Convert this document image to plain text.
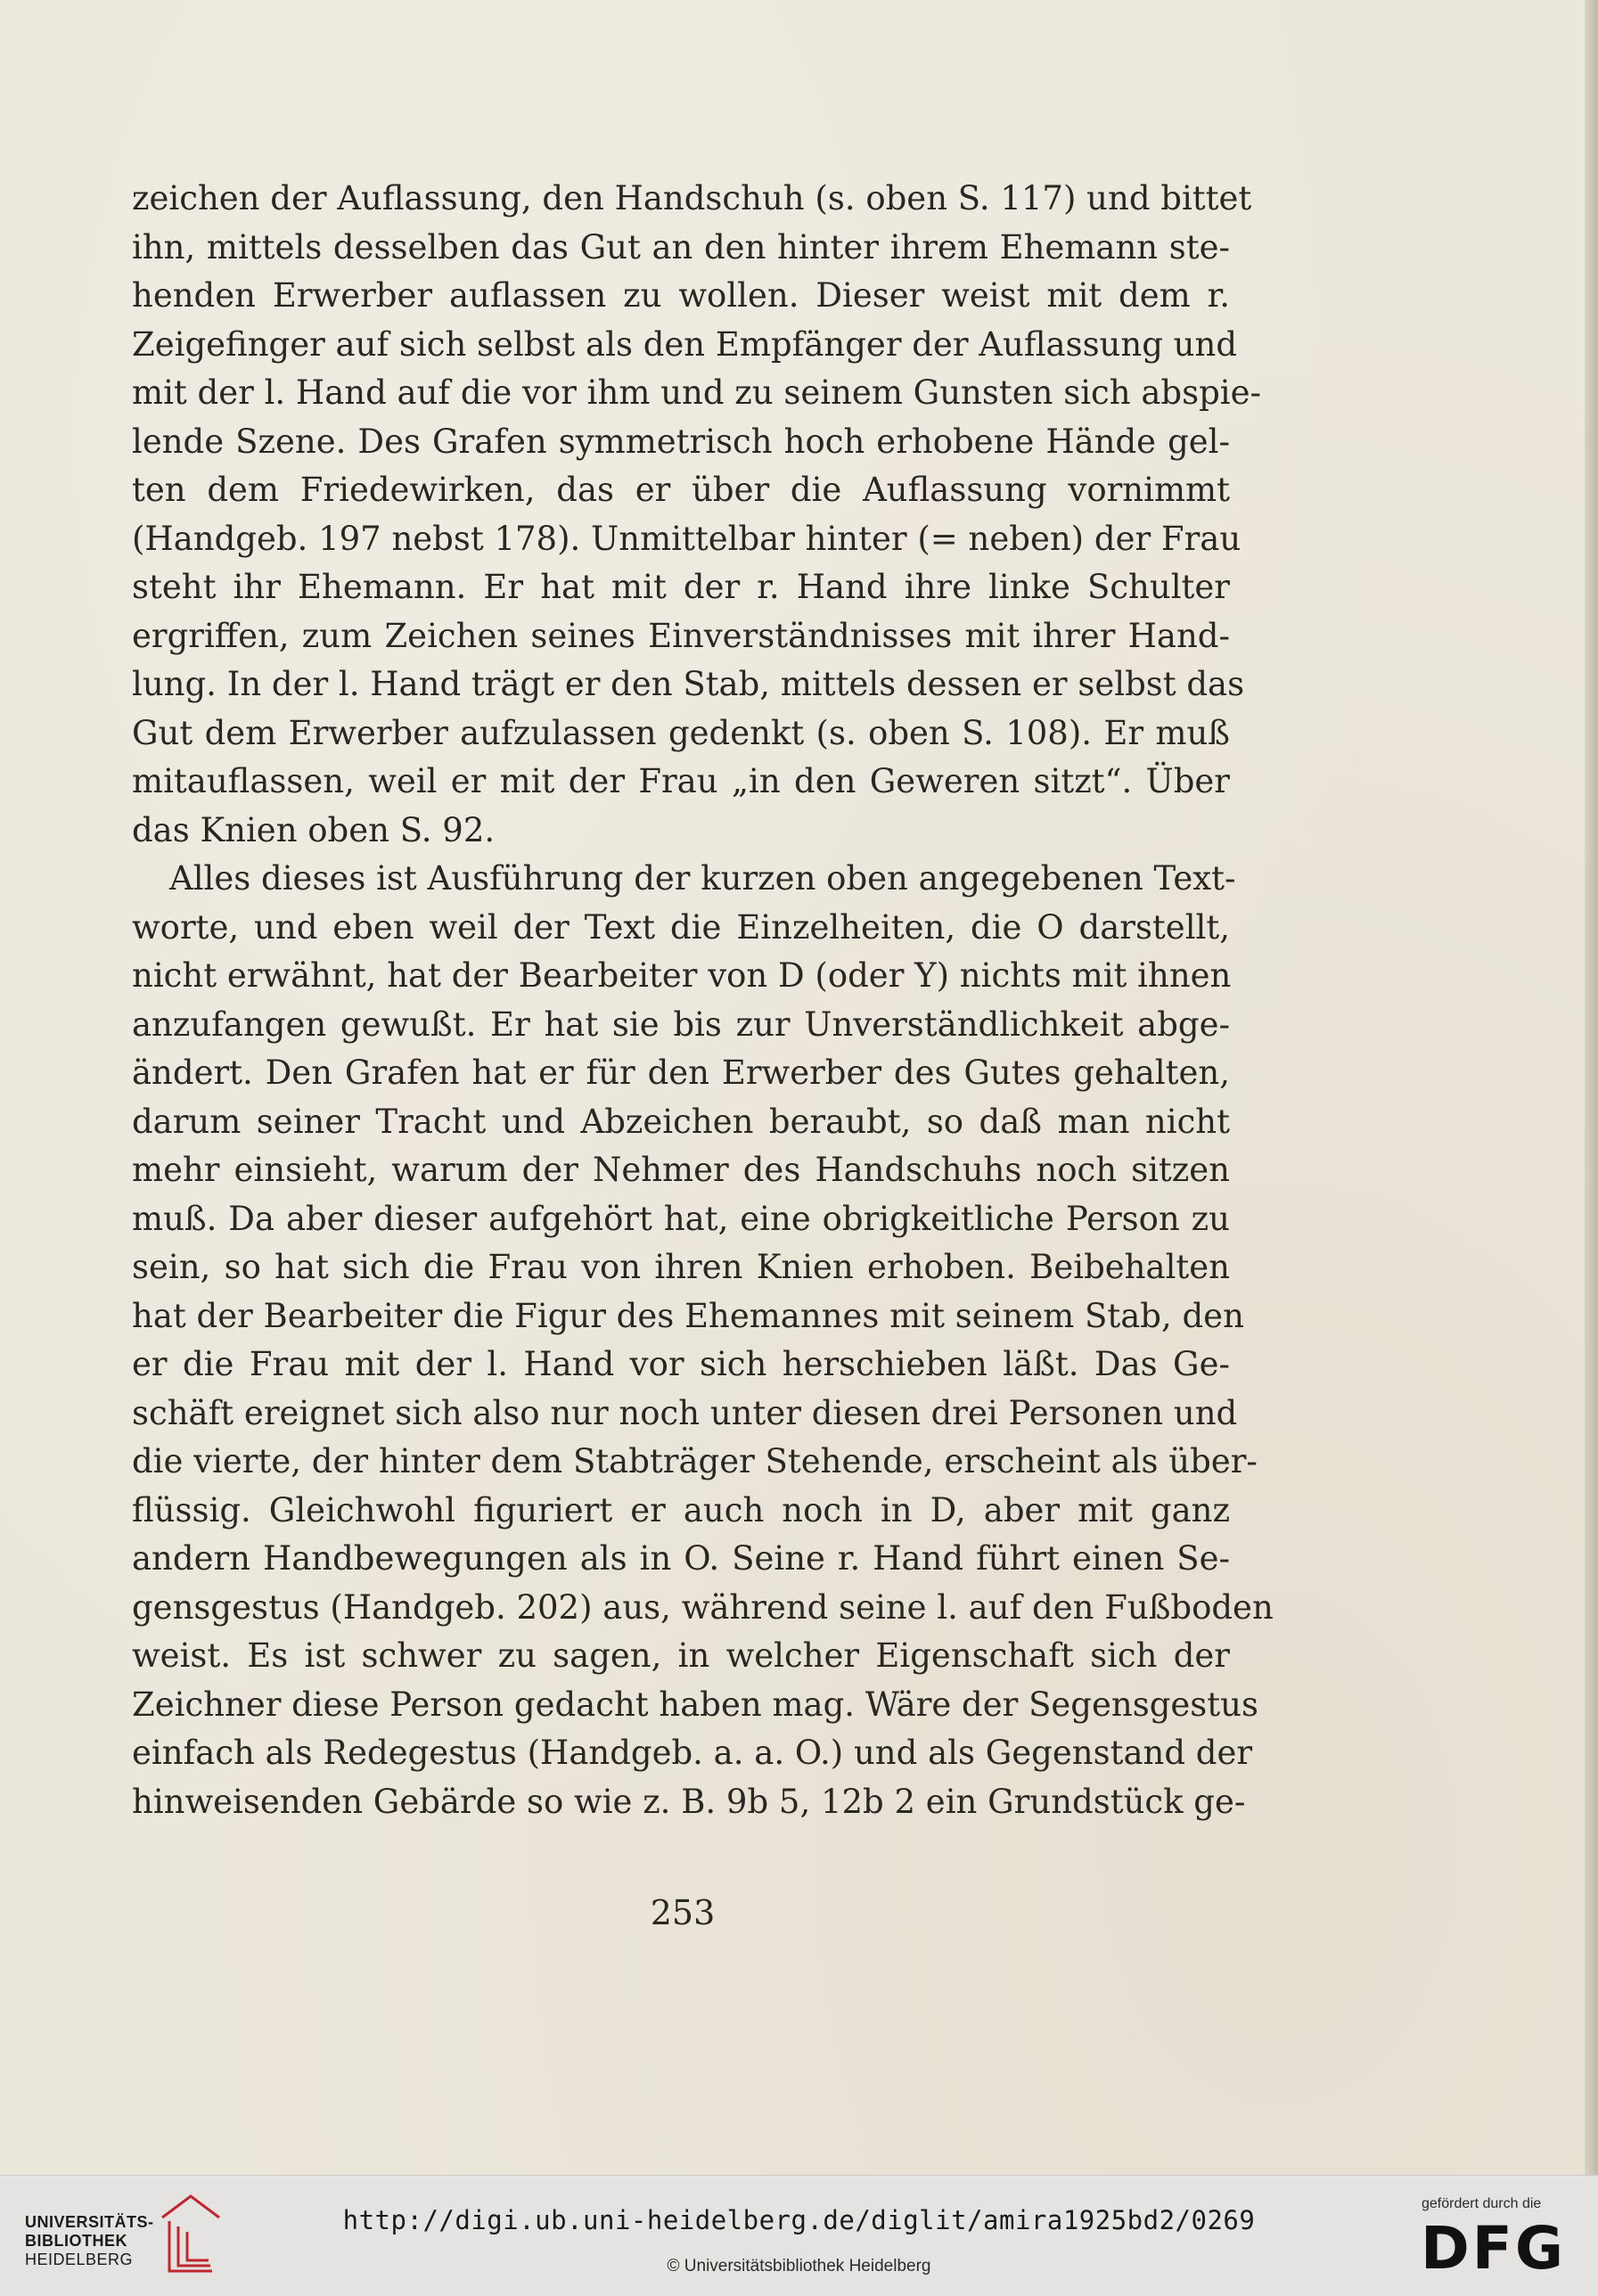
zeichen der Auflassung, den Handschuh (s. oben S. 117) und bittet
ihn, mittels desselben das Gut an den hinter ihrem Ehemann ste-
henden Erwerber auflassen zu wollen. Dieser weist mit dem r.
Zeigefinger auf sich selbst als den Empfänger der Auflassung und
mit der l. Hand auf die vor ihm und zu seinem Gunsten sich abspie-
lende Szene. Des Grafen symmetrisch hoch erhobene Hände gel-
ten dem Friedewirken, das er über die Auflassung vornimmt
(Handgeb. 197 nebst 178). Unmittelbar hinter (= neben) der Frau
steht ihr Ehemann. Er hat mit der r. Hand ihre linke Schulter
ergriffen, zum Zeichen seines Einverständnisses mit ihrer Hand-
lung. In der l. Hand trägt er den Stab, mittels dessen er selbst das
Gut dem Erwerber aufzulassen gedenkt (s. oben S. 108). Er muß
mitauflassen, weil er mit der Frau „in den Geweren sitzt“. Über
das Knien oben S. 92.
Alles dieses ist Ausführung der kurzen oben angegebenen Text-
worte, und eben weil der Text die Einzelheiten, die O darstellt,
nicht erwähnt, hat der Bearbeiter von D (oder Y) nichts mit ihnen
anzufangen gewußt. Er hat sie bis zur Unverständlichkeit abge-
ändert. Den Grafen hat er für den Erwerber des Gutes gehalten,
darum seiner Tracht und Abzeichen beraubt, so daß man nicht
mehr einsieht, warum der Nehmer des Handschuhs noch sitzen
muß. Da aber dieser aufgehört hat, eine obrigkeitliche Person zu
sein, so hat sich die Frau von ihren Knien erhoben. Beibehalten
hat der Bearbeiter die Figur des Ehemannes mit seinem Stab, den
er die Frau mit der l. Hand vor sich herschieben läßt. Das Ge-
schäft ereignet sich also nur noch unter diesen drei Personen und
die vierte, der hinter dem Stabträger Stehende, erscheint als über-
flüssig. Gleichwohl figuriert er auch noch in D, aber mit ganz
andern Handbewegungen als in O. Seine r. Hand führt einen Se-
gensgestus (Handgeb. 202) aus, während seine l. auf den Fußboden
weist. Es ist schwer zu sagen, in welcher Eigenschaft sich der
Zeichner diese Person gedacht haben mag. Wäre der Segensgestus
einfach als Redegestus (Handgeb. a. a. O.) und als Gegenstand der
hinweisenden Gebärde so wie z. B. 9b 5, 12b 2 ein Grundstück ge-
253
UNIVERSITÄTS-
BIBLIOTHEK
HEIDELBERG
http://digi.ub.uni-heidelberg.de/diglit/amira1925bd2/0269
© Universitätsbibliothek Heidelberg
gefördert durch die
DFG
